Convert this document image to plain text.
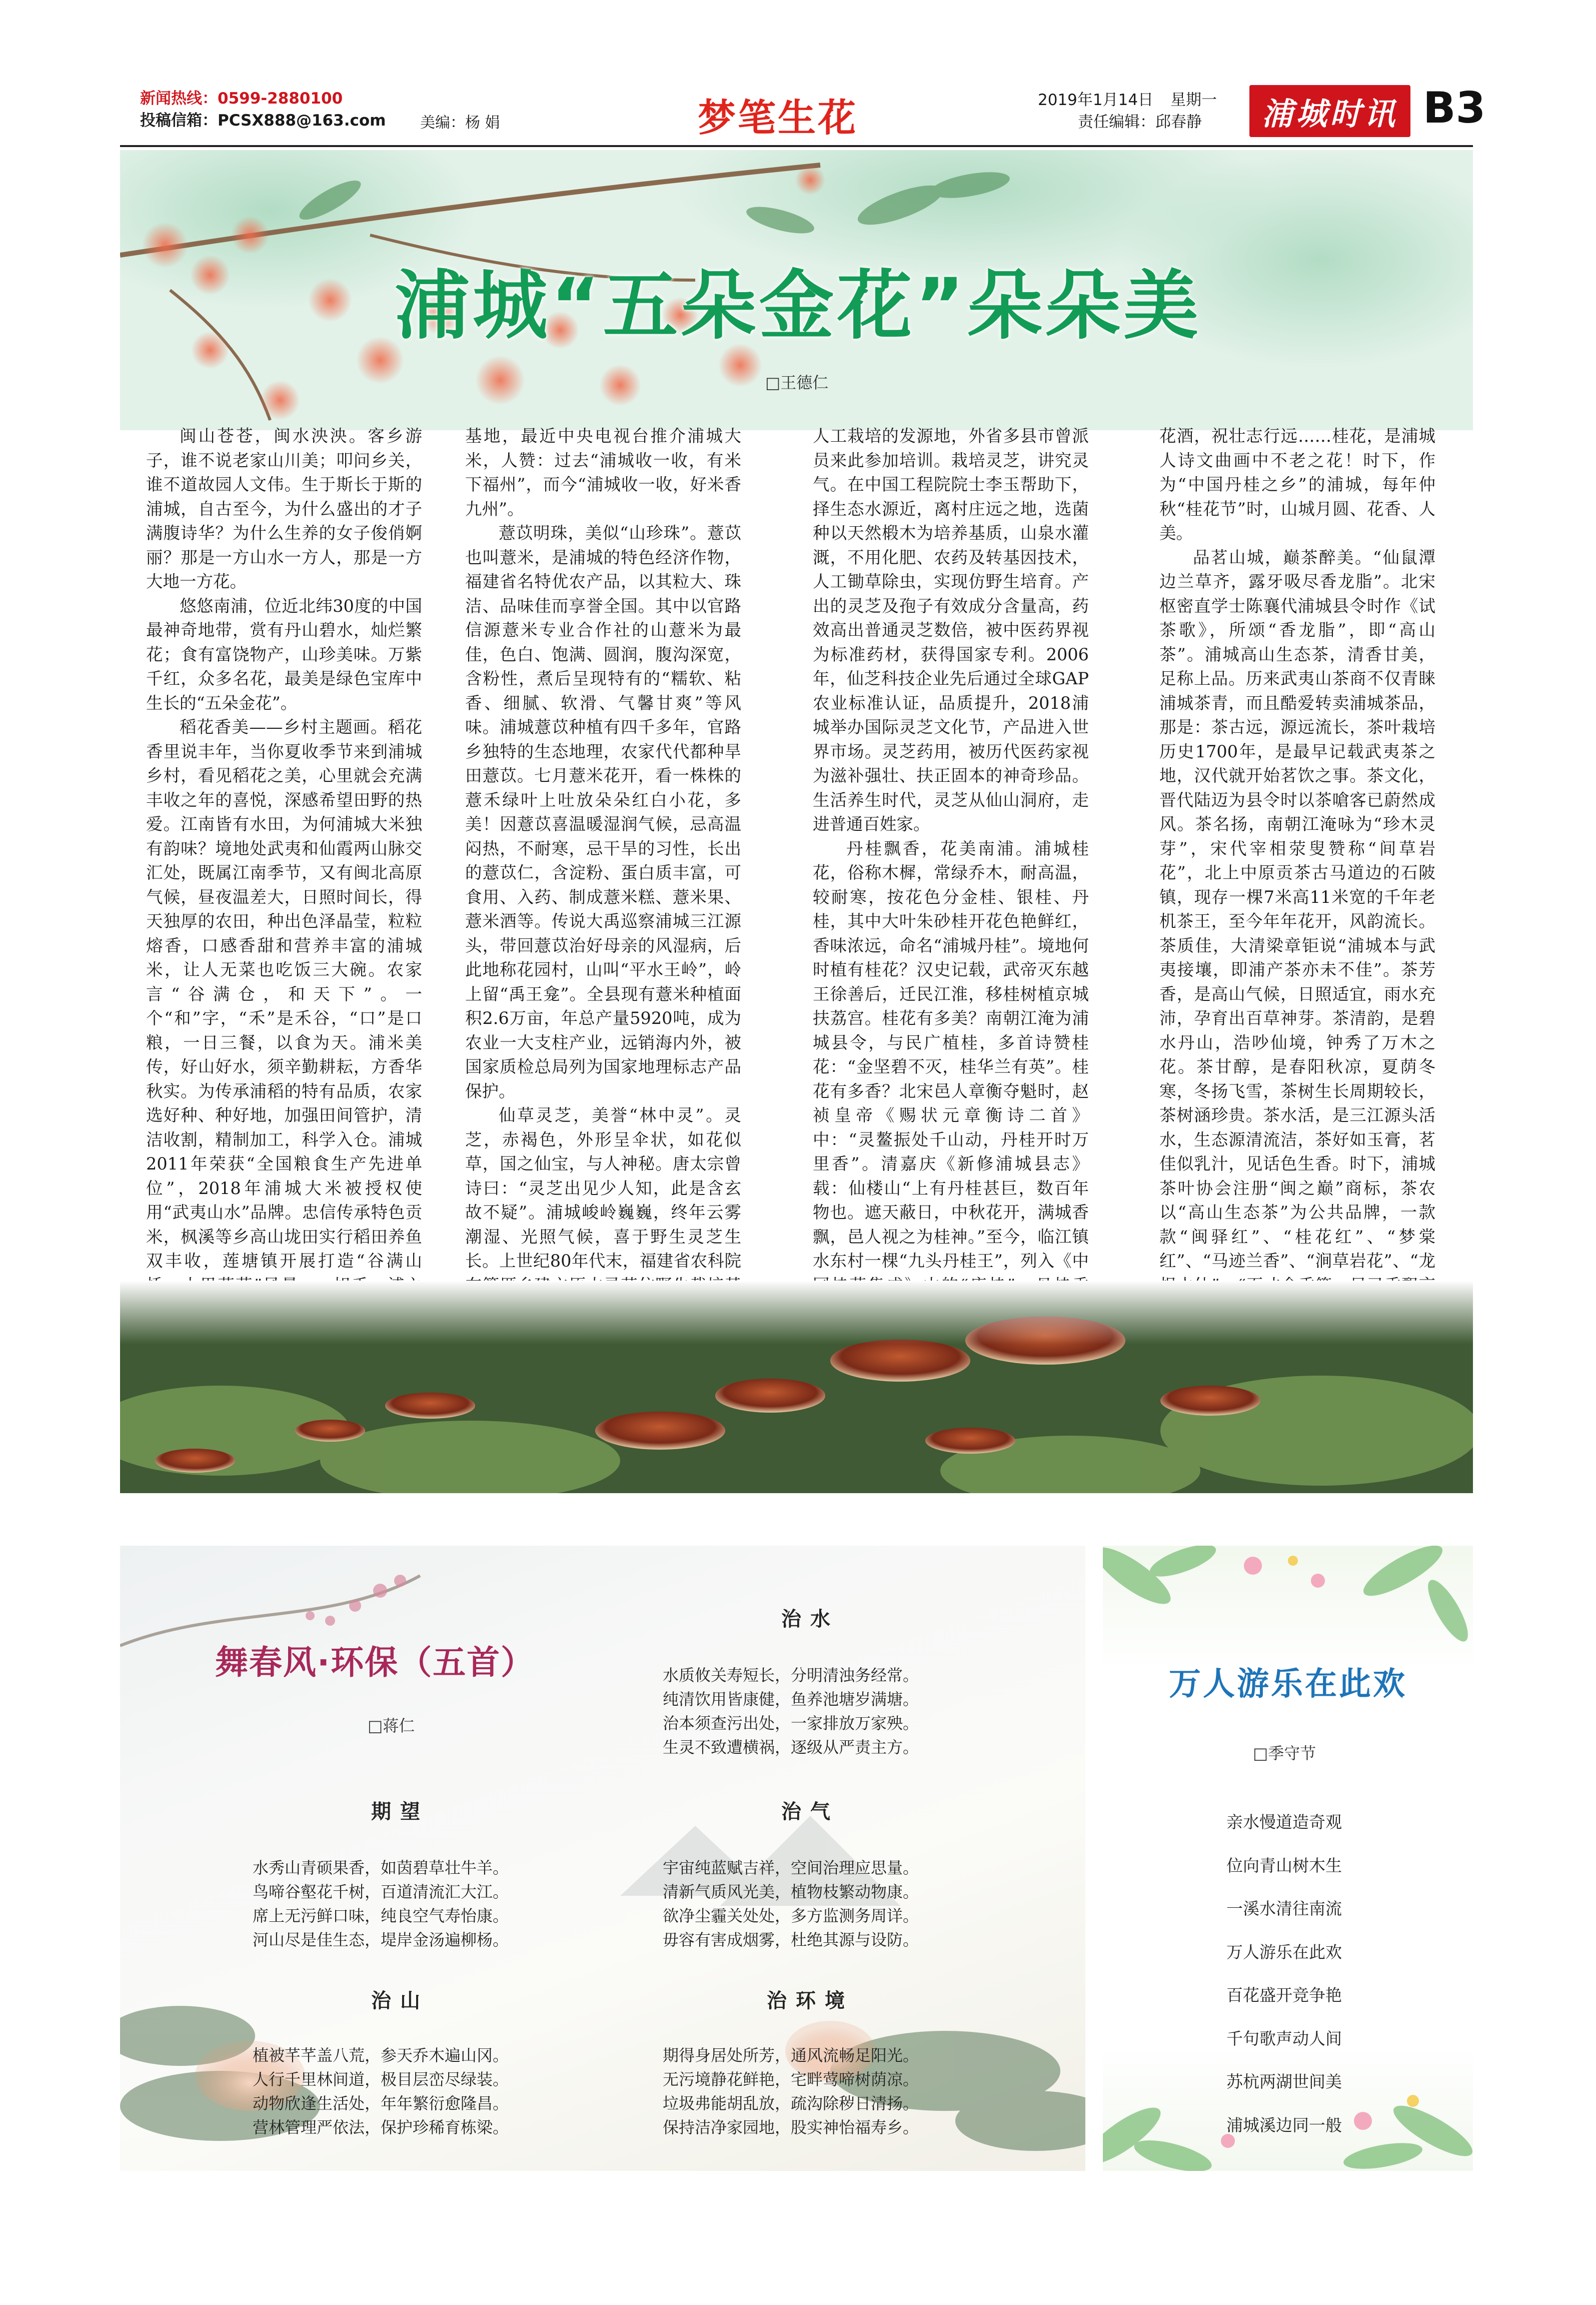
新闻热线：0599-2880100
投稿信箱：PCSX888@163.com 美编：杨 娟	梦笔生花	2019年1月14日 星期一
责任编辑：邱春静	浦城时讯 B3
浦城“五朵金花”朵朵美
□王德仁

闽山苍苍，闽水泱泱。客乡游子，谁不说老家山川美；叩问乡关，谁不道故园人文伟。生于斯长于斯的浦城，自古至今，为什么盛出的才子满腹诗华？为什么生养的女子俊俏婀丽？那是一方山水一方人，那是一方大地一方花。

悠悠南浦，位近北纬30度的中国最神奇地带，赏有丹山碧水，灿烂繁花；食有富饶物产，山珍美味。万紫千红，众多名花，最美是绿色宝库中生长的“五朵金花”。

稻花香美——乡村主题画。稻花香里说丰年，当你夏收季节来到浦城乡村，看见稻花之美，心里就会充满丰收之年的喜悦，深感希望田野的热爱。江南皆有水田，为何浦城大米独有韵味？境地处武夷和仙霞两山脉交汇处，既属江南季节，又有闽北高原气候，昼夜温差大，日照时间长，得天独厚的农田，种出色泽晶莹，粒粒熔香，口感香甜和营养丰富的浦城米，让人无菜也吃饭三大碗。农家言“谷满仓，和天下”。一个“和”字，“禾”是禾谷，“口”是口粮，一日三餐，以食为天。浦米美传，好山好水，须辛勤耕耘，方香华秋实。为传承浦稻的特有品质，农家选好种、种好地，加强田间管护，清洁收割，精制加工，科学入仓。浦城2011年荣获“全国粮食生产先进单位”，2018年浦城大米被授权使用“武夷山水”品牌。忠信传承特色贡米，枫溪等乡高山垅田实行稻田养鱼双丰收，莲塘镇开展打造“谷满山

基地，最近中央电视台推介浦城大米，人赞：过去“浦城收一收，有米下福州”，而今“浦城收一收，好米香九州”。

薏苡明珠，美似“山珍珠”。薏苡也叫薏米，是浦城的特色经济作物，福建省名特优农产品，以其粒大、珠洁、品味佳而享誉全国。其中以官路信源薏米专业合作社的山薏米为最佳，色白、饱满、圆润，腹沟深宽，含粉性，煮后呈现特有的“糯软、粘香、细腻、软滑、气馨甘爽”等风味。浦城薏苡种植有四千多年，官路乡独特的生态地理，农家代代都种旱田薏苡。七月薏米花开，看一株株的薏禾绿叶上吐放朵朵红白小花，多美！因薏苡喜温暖湿润气候，忌高温闷热，不耐寒，忌干旱的习性，长出的薏苡仁，含淀粉、蛋白质丰富，可食用、入药、制成薏米糕、薏米果、薏米酒等。传说大禹巡察浦城三江源头，带回薏苡治好母亲的风湿病，后此地称花园村，山叫“平水王岭”，岭上留“禹王龛”。全县现有薏米种植面积2.6万亩，年总产量5920吨，成为农业一大支柱产业，远销海内外，被国家质检总局列为国家地理标志产品保护。

仙草灵芝，美誉“林中灵”。灵芝，赤褐色，外形呈伞状，如花似草，国之仙宝，与人神秘。唐太宗曾诗曰：“灵芝出见少人知，此是含玄故不疑”。浦城峻岭巍巍，终年云雾潮湿、光照气候，喜于野生灵芝生长。上世纪80年代末，福建省农科院

人工栽培的发源地，外省多县市曾派员来此参加培训。栽培灵芝，讲究灵气。在中国工程院院士李玉帮助下，择生态水源近，离村庄远之地，选菌种以天然椴木为培养基质，山泉水灌溉，不用化肥、农药及转基因技术，人工锄草除虫，实现仿野生培育。产出的灵芝及孢子有效成分含量高，药效高出普通灵芝数倍，被中医药界视为标准药材，获得国家专利。2006年，仙芝科技企业先后通过全球GAP农业标准认证，品质提升，2018浦城举办国际灵芝文化节，产品进入世界市场。灵芝药用，被历代医药家视为滋补强壮、扶正固本的神奇珍品。生活养生时代，灵芝从仙山洞府，走进普通百姓家。

丹桂飘香，花美南浦。浦城桂花，俗称木樨，常绿乔木，耐高温，较耐寒，按花色分金桂、银桂、丹桂，其中大叶朱砂桂开花色艳鲜红，香味浓远，命名“浦城丹桂”。境地何时植有桂花？汉史记载，武帝灭东越王徐善后，迁民江淮，移桂树植京城扶荔宫。桂花有多美？南朝江淹为浦城县令，与民广植桂，多首诗赞桂花：“金坚碧不灭，桂华兰有英”。桂花有多香？北宋邑人章衡夺魁时，赵祯皇帝《赐状元章衡诗二首》中：“灵鳌振处千山动，丹桂开时万里香”。清嘉庆《新修浦城县志》载：仙楼山“上有丹桂甚巨，数百年物也。遮天蔽日，中秋花开，满城香飘，邑人视之为桂神。”至今，临江镇水东村一棵“九头丹桂王”，列入《中

花酒，祝壮志行远……桂花，是浦城人诗文曲画中不老之花！时下，作为“中国丹桂之乡”的浦城，每年仲秋“桂花节”时，山城月圆、花香、人美。

品茗山城，巅茶醉美。“仙鼠潭边兰草齐，露牙吸尽香龙脂”。北宋枢密直学士陈襄代浦城县令时作《试茶歌》，所颂“香龙脂”，即“高山茶”。浦城高山生态茶，清香甘美，足称上品。历来武夷山茶商不仅青睐浦城茶青，而且酷爱转卖浦城茶品，那是：茶古远，源远流长，茶叶栽培历史1700年，是最早记载武夷茶之地，汉代就开始茗饮之事。茶文化，晋代陆迈为县令时以茶嗆客已蔚然成风。茶名扬，南朝江淹咏为“珍木灵芽”，宋代宰相荥叟赞称“间草岩花”，北上中原贡茶古马道边的石陂镇，现存一棵7米高11米宽的千年老机茶王，至今年年花开，风韵流长。茶质佳，大清梁章钜说“浦城本与武夷接壤，即浦产茶亦未不佳”。茶芳香，是高山气候，日照适宜，雨水充沛，孕育出百草神芽。茶清韵，是碧水丹山，浩吵仙境，钟秀了万木之花。茶甘醇，是春阳秋凉，夏荫冬寒，冬扬飞雪，茶树生长周期较长，茶树涵珍贵。茶水活，是三江源头活水，生态源清流洁，茶好如玉膏，茗佳似乳汁，见话色生香。时下，浦城茶叶协会注册“闽之巅”商标，茶农以“高山生态茶”为公共品牌，一款款“闽驿红”、“桂花红”、“梦棠红”、“马迹兰香”、“涧草岩花”、“龙

舞春风·环保（五首）
□蒋仁
期望
水秀山青硕果香，如茵碧草壮牛羊。
鸟啼谷壑花千树，百道清流汇大江。
席上无污鲜口味，纯良空气寿怡康。
河山尽是佳生态，堤岸金汤遍柳杨。
治山
植被芊芊盖八荒，参天乔木遍山冈。
人行千里林间道，极目层峦尽绿装。
动物欣逢生活处，年年繁衍愈隆昌。
营林管理严依法，保护珍稀育栋梁。
治水
水质攸关寿短长，分明清浊务经常。
纯清饮用皆康健，鱼养池塘岁满塘。
治本须查污出处，一家排放万家殃。
生灵不致遭横祸，逐级从严责主方。
治气
宇宙纯蓝赋吉祥，空间治理应思量。
清新气质风光美，植物枝繁动物康。
欲净尘霾关处处，多方监测务周详。
毋容有害成烟雾，杜绝其源与设防。
治环境
期得身居处所芳，通风流畅足阳光。
无污境静花鲜艳，宅畔莺啼树荫凉。
垃圾弗能胡乱放，疏沟除秽日清扬。
保持洁净家园地，股实神怡福寿乡。
万人游乐在此欢
□季守节
亲水慢道造奇观
位向青山树木生
一溪水清往南流
万人游乐在此欢
百花盛开竞争艳
千句歌声动人间
苏杭两湖世间美
浦城溪边同一般
